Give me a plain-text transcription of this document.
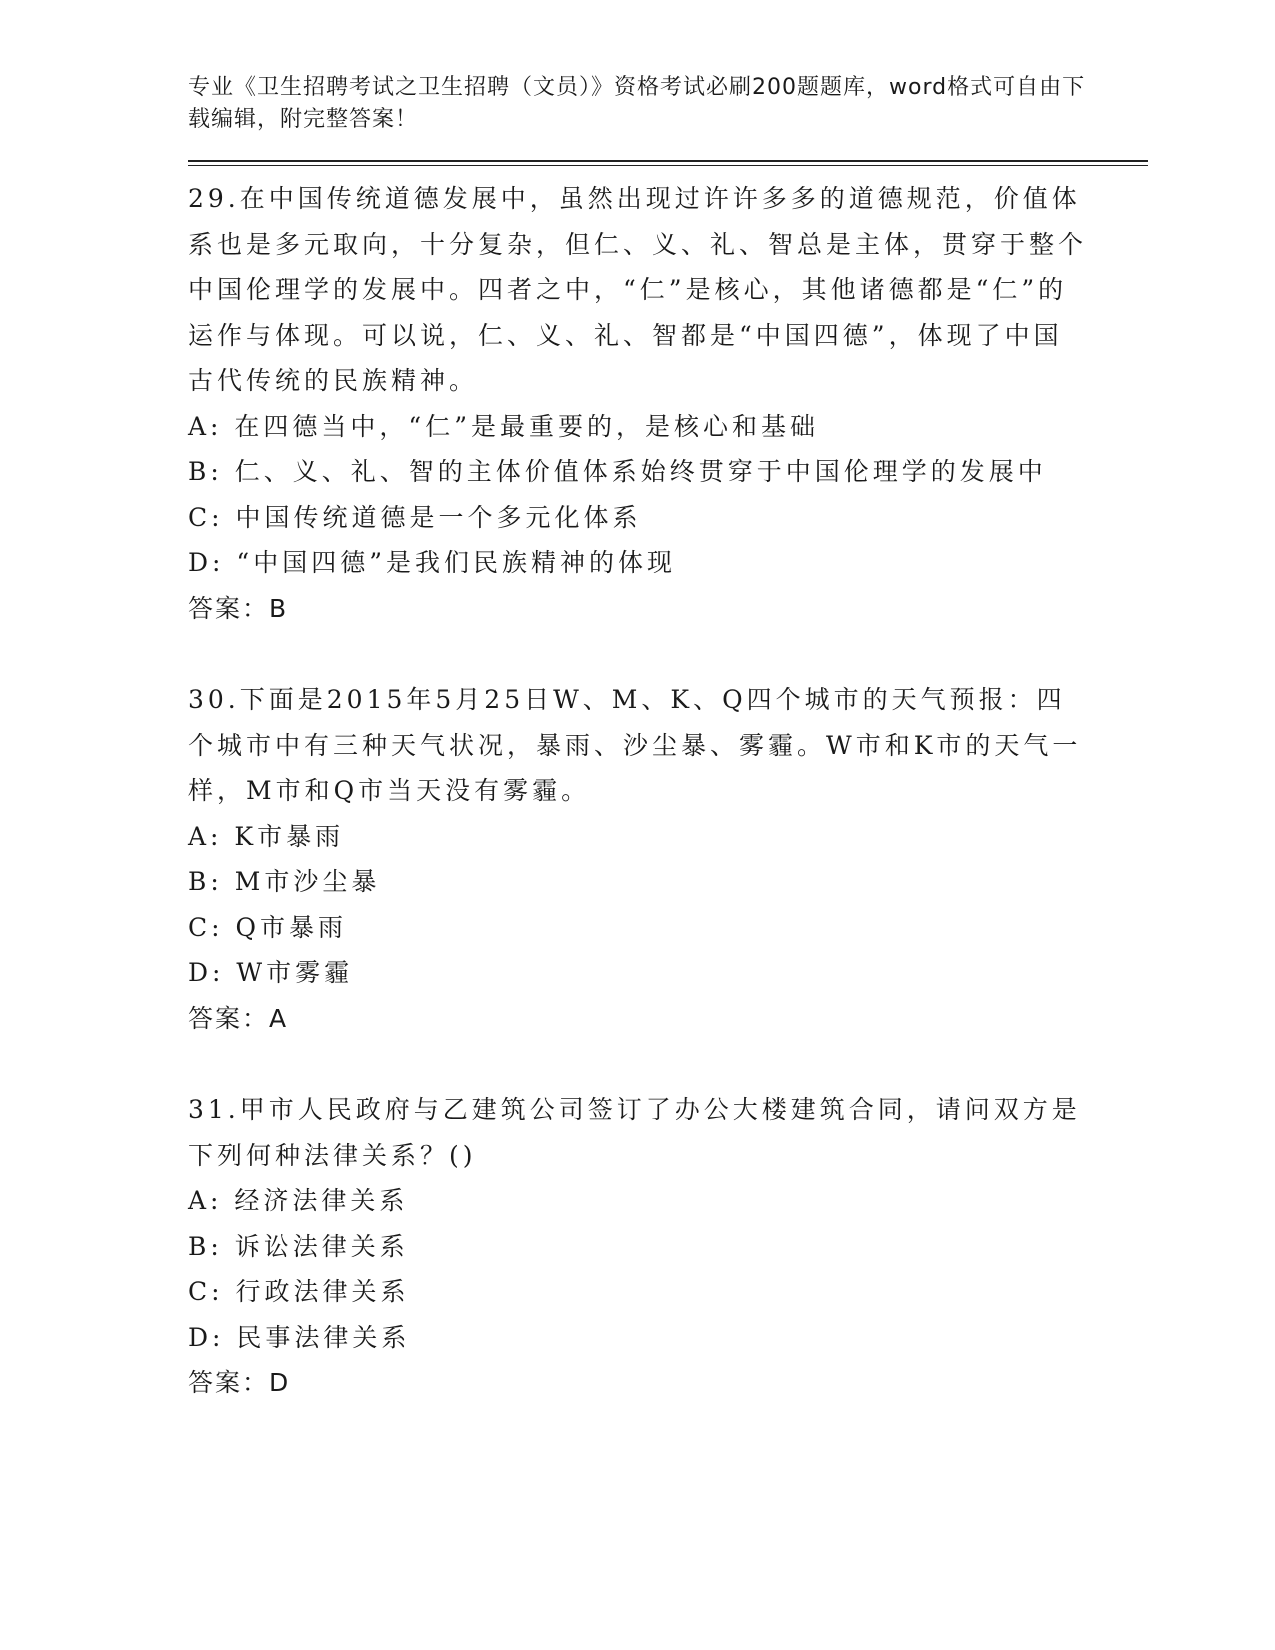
专业《卫生招聘考试之卫生招聘（文员）》资格考试必刷200题题库，word格式可自由下载编辑，附完整答案！
29.在中国传统道德发展中，虽然出现过许许多多的道德规范，价值体系也是多元取向，十分复杂，但仁、义、礼、智总是主体，贯穿于整个中国伦理学的发展中。四者之中，“仁”是核心，其他诸德都是“仁”的运作与体现。可以说，仁、义、礼、智都是“中国四德”，体现了中国古代传统的民族精神。
A: 在四德当中，“仁”是最重要的，是核心和基础
B: 仁、义、礼、智的主体价值体系始终贯穿于中国伦理学的发展中
C: 中国传统道德是一个多元化体系
D: “中国四德”是我们民族精神的体现
答案：B
30.下面是2015年5月25日W、M、K、Q四个城市的天气预报：四个城市中有三种天气状况，暴雨、沙尘暴、雾霾。W市和K市的天气一样，M市和Q市当天没有雾霾。
A: K市暴雨
B: M市沙尘暴
C: Q市暴雨
D: W市雾霾
答案：A
31.甲市人民政府与乙建筑公司签订了办公大楼建筑合同，请问双方是下列何种法律关系？()
A: 经济法律关系
B: 诉讼法律关系
C: 行政法律关系
D: 民事法律关系
答案：D
